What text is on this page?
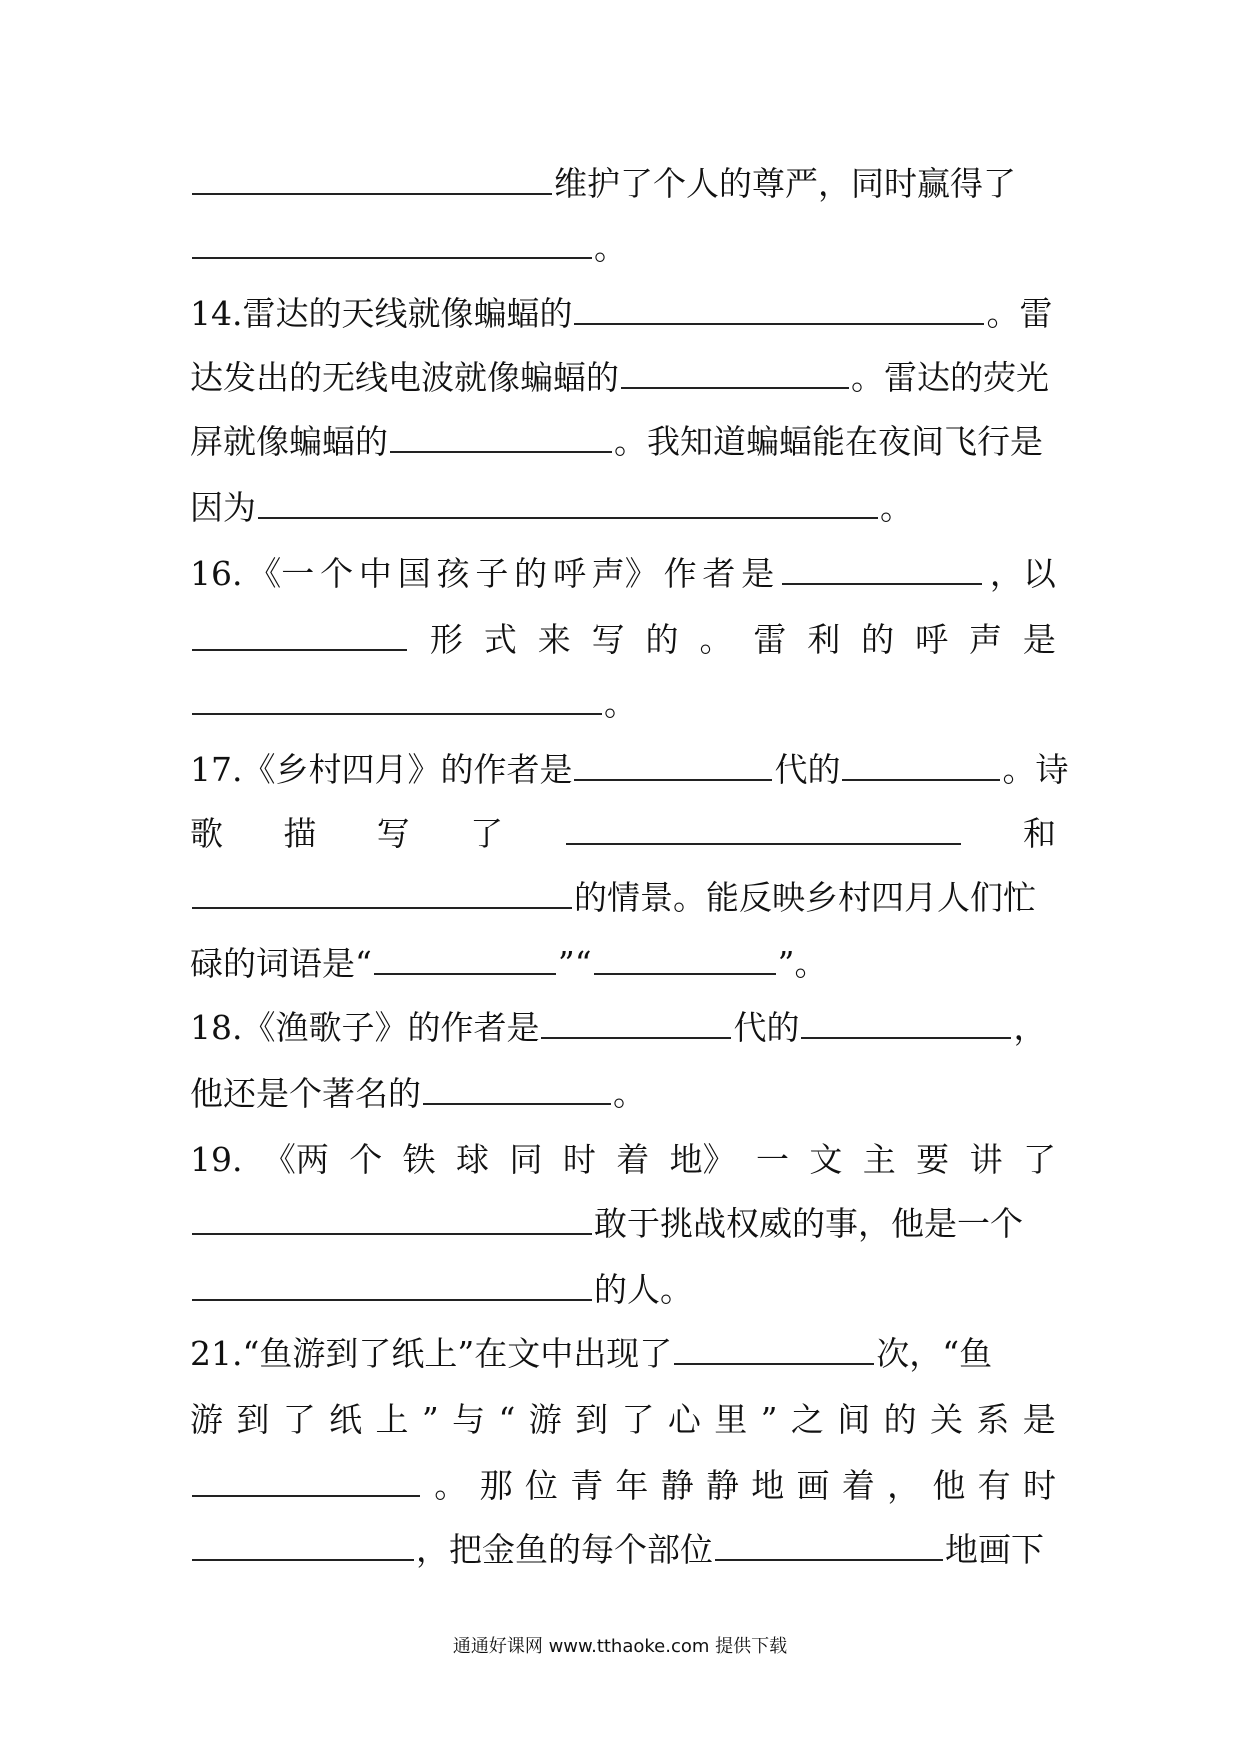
维护了个人的尊严，同时赢得了
。
14.雷达的天线就像蝙蝠的	。雷
达发出的无线电波就像蝙蝠的	。雷达的荧光
屏就像蝙蝠的	。我知道蝙蝠能在夜间飞行是
因为	。
16. 《一 个 中 国 孩 子 的 呼 声》 作 者 是	，以
形 式 来 写 的 。 雷 利 的 呼 声 是
。
17.《乡村四月》的作者是	代的	。诗
歌 描 写 了	和
的情景。能反映乡村四月人们忙
碌的词语是“	”“	”。
18.《渔歌子》的作者是	代的	，
他还是个著名的	。
19. 《两 个 铁 球 同 时 着 地》 一 文 主 要 讲 了
敢于挑战权威的事，他是一个
的人。
21.“鱼游到了纸上”在文中出现了	次，“鱼
游 到 了 纸 上 ” 与 “ 游 到 了 心 里 ” 之 间 的 关 系 是
。 那 位 青 年 静 静 地 画 着 ， 他 有 时
，把金鱼的每个部位	地画下
通通好课网 www.tthaoke.com 提供下载
